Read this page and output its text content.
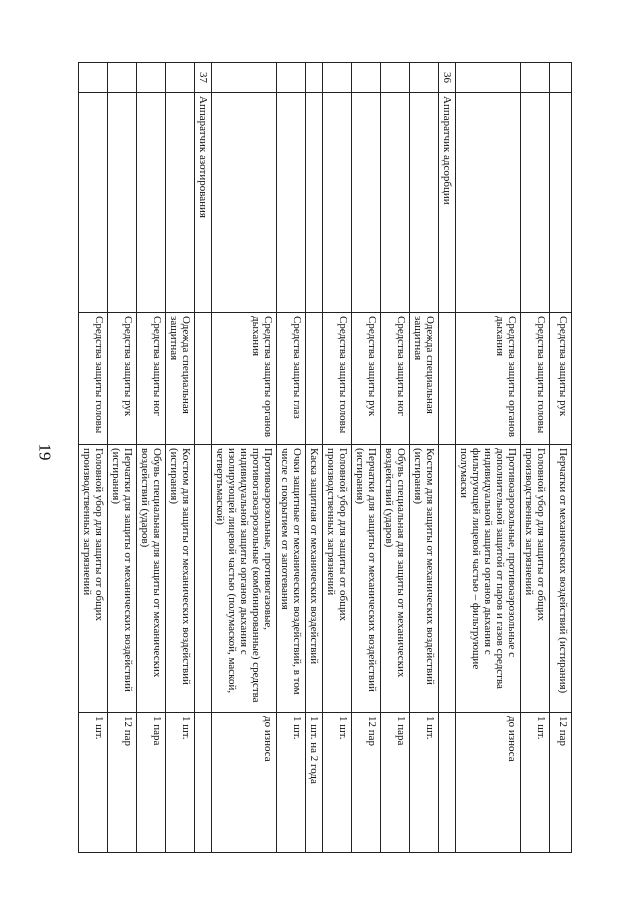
19
		Средства защиты рук	Перчатки от механических воздействий (истирания)	12 пар
		Средства защиты головы	Головной убор для защиты от общих производственных загрязнений	1 шт.
		Средства защиты органов дыхания	Противоаэрозольные, противоаэрозольные с дополнительной защитой от паров и газов средства индивидуальной защиты органов дыхания с фильтрующей лицевой частью – фильтрующие полумаски	до износа
36	Аппаратчик адсорбции			
		Одежда специальная защитная	Костюм для защиты от механических воздействий (истирания)	1 шт.
		Средства защиты ног	Обувь специальная для защиты от механических воздействий (ударов)	1 пара
		Средства защиты рук	Перчатки для защиты от механических воздействий (истирания)	12 пар
		Средства защиты головы	Головной убор для защиты от общих производственных загрязнений	1 шт.
			Каска защитная от механических воздействий	1 шт. на 2 года
		Средства защиты глаз	Очки защитные от механических воздействий, в том числе с покрытием от запотевания	1 шт.
		Средства защиты органов дыхания	Противоаэрозольные, противогазовые, противогазоаэрозольные (комбинированные) средства индивидуальной защиты органов дыхания с изолирующей лицевой частью (полумаской, маской, четвертьмаской)	до износа
37	Аппаратчик азотирования			
		Одежда специальная защитная	Костюм для защиты от механических воздействий (истирания)	1 шт.
		Средства защиты ног	Обувь специальная для защиты от механических воздействий (ударов)	1 пара
		Средства защиты рук	Перчатки для защиты от механических воздействий (истирания)	12 пар
		Средства защиты головы	Головной убор для защиты от общих производственных загрязнений	1 шт.
